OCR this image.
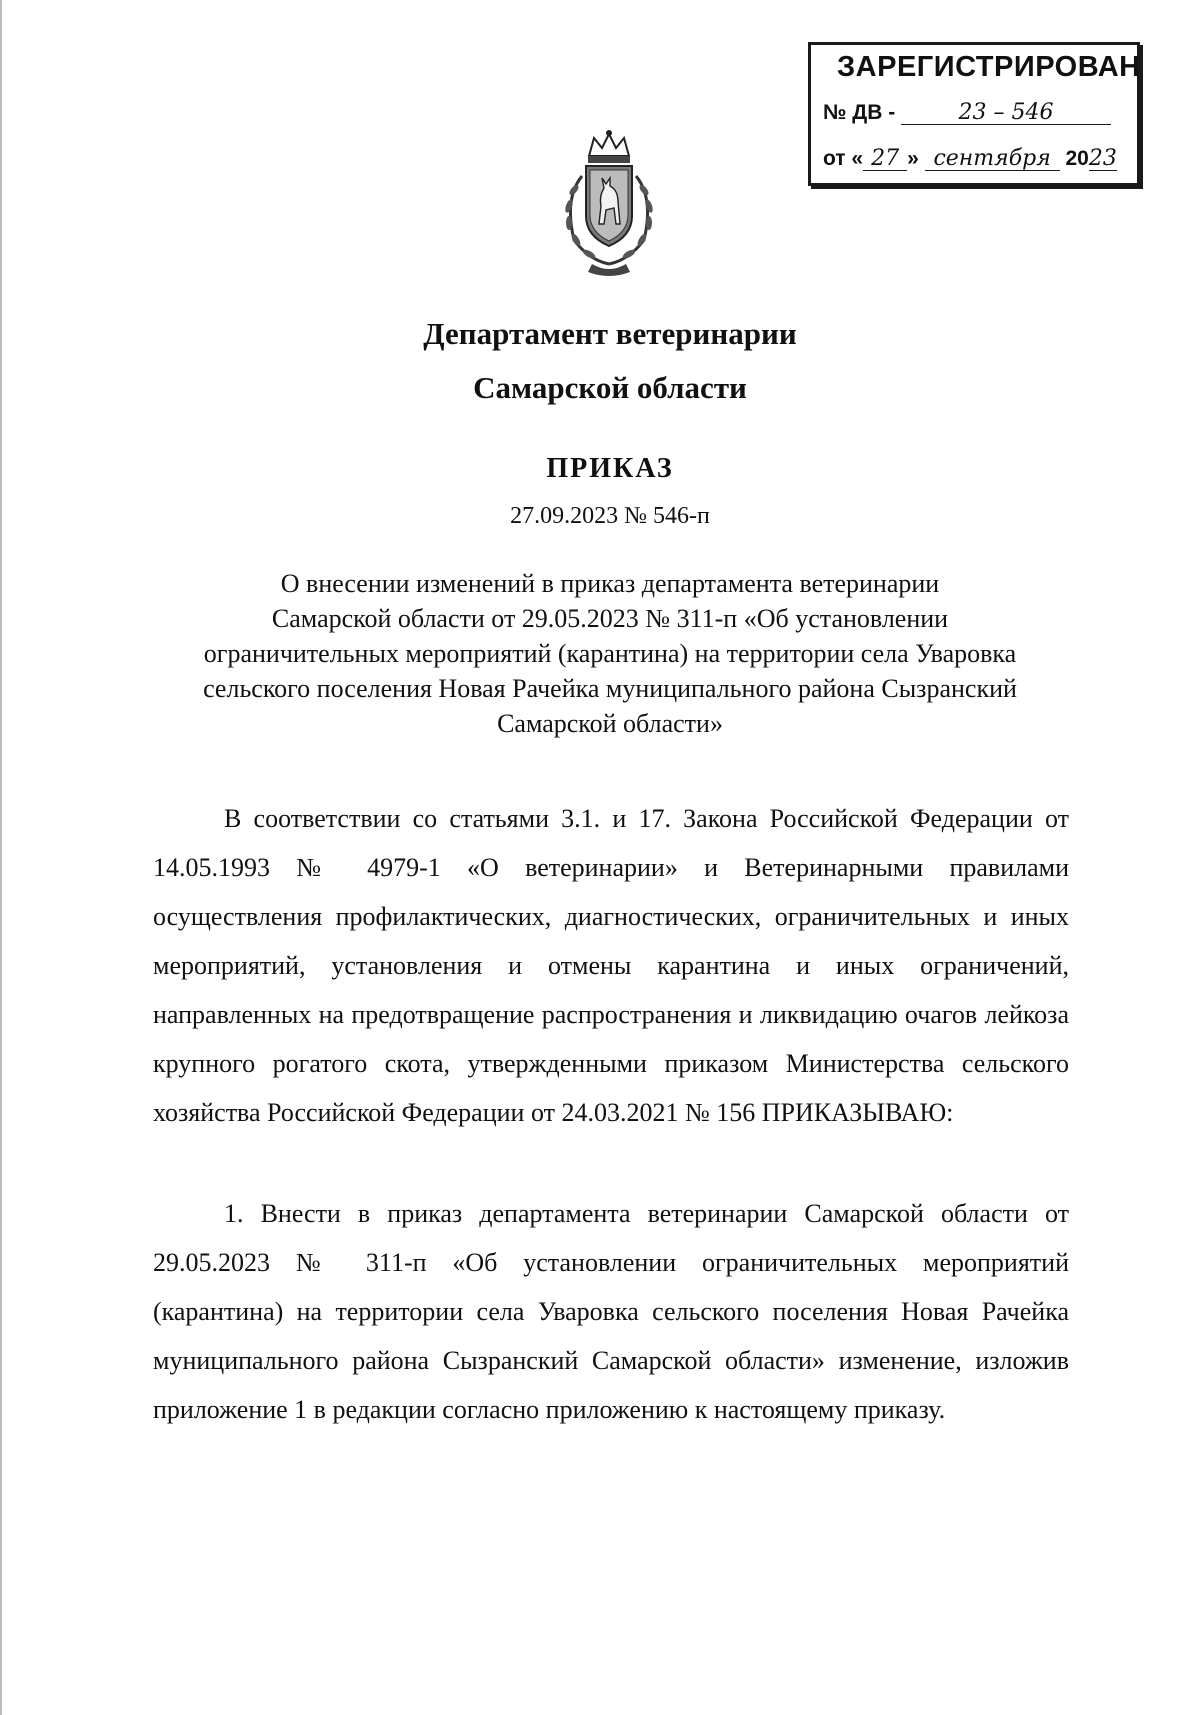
ЗАРЕГИСТРИРОВАН
№ ДВ -	23 – 546
от « 27 » сентября 2023
Департамент ветеринарии
Самарской области
ПРИКАЗ
27.09.2023 № 546-п
О внесении изменений в приказ департамента ветеринарии
Самарской области от 29.05.2023 № 311-п «Об установлении
ограничительных мероприятий (карантина) на территории села Уваровка
сельского поселения Новая Рачейка муниципального района Сызранский
Самарской области»

В соответствии со статьями 3.1. и 17. Закона Российской Федерации от 14.05.1993 № 4979-1 «О ветеринарии» и Ветеринарными правилами осуществления профилактических, диагностических, ограничительных и иных мероприятий, установления и отмены карантина и иных ограничений, направленных на предотвращение распространения и ликвидацию очагов лейкоза крупного рогатого скота, утвержденными приказом Министерства сельского хозяйства Российской Федерации от 24.03.2021 № 156 ПРИКАЗЫВАЮ:

1. Внести в приказ департамента ветеринарии Самарской области от 29.05.2023 № 311-п «Об установлении ограничительных мероприятий (карантина) на территории села Уваровка сельского поселения Новая Рачейка муниципального района Сызранский Самарской области» изменение, изложив приложение 1 в редакции согласно приложению к настоящему приказу.
